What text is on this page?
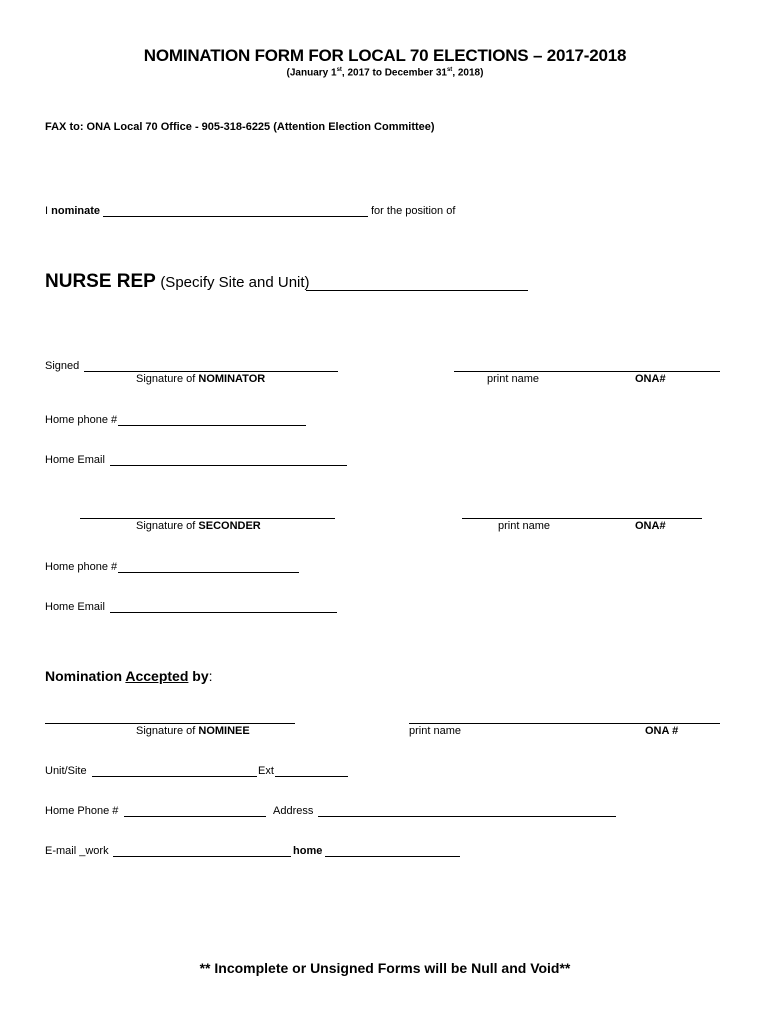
NOMINATION FORM FOR LOCAL 70 ELECTIONS – 2017-2018
(January 1st, 2017 to December 31st, 2018)
FAX to: ONA Local 70 Office - 905-318-6225 (Attention Election Committee)
I nominate	for the position of
NURSE REP (Specify Site and Unit)
Signed
Signature of NOMINATOR	print name	ONA#
Home phone #
Home Email
Signature of SECONDER	print name	ONA#
Home phone #
Home Email
Nomination Accepted by:
Signature of NOMINEE	print name	ONA #
Unit/Site	Ext
Home Phone #	Address
E-mail _work	home
** Incomplete or Unsigned Forms will be Null and Void**
